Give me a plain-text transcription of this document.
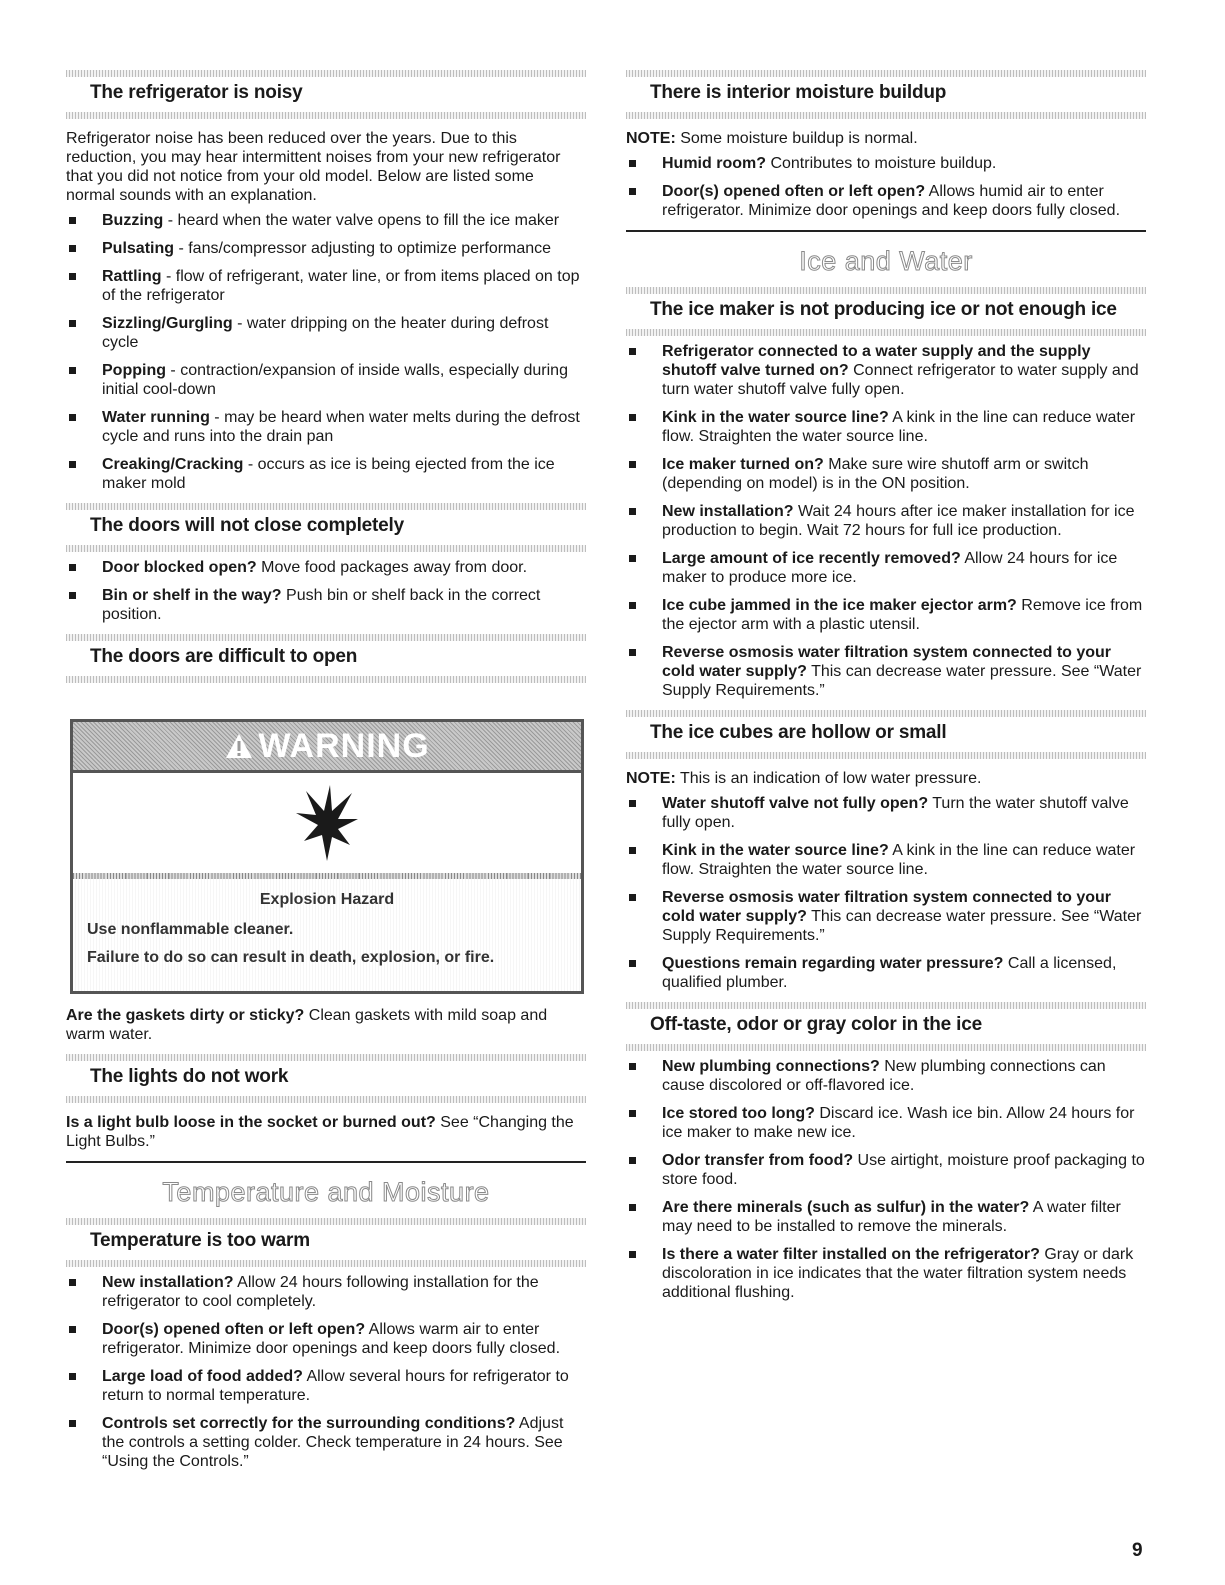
The refrigerator is noisy

Refrigerator noise has been reduced over the years. Due to this reduction, you may hear intermittent noises from your new refrigerator that you did not notice from your old model. Below are listed some normal sounds with an explanation.

Buzzing - heard when the water valve opens to fill the ice maker
Pulsating - fans/compressor adjusting to optimize performance
Rattling - flow of refrigerant, water line, or from items placed on top of the refrigerator
Sizzling/Gurgling - water dripping on the heater during defrost cycle
Popping - contraction/expansion of inside walls, especially during initial cool-down
Water running - may be heard when water melts during the defrost cycle and runs into the drain pan
Creaking/Cracking - occurs as ice is being ejected from the ice maker mold
The doors will not close completely
Door blocked open? Move food packages away from door.
Bin or shelf in the way? Push bin or shelf back in the correct position.
The doors are difficult to open
WARNING
Explosion Hazard

Use nonflammable cleaner.

Failure to do so can result in death, explosion, or fire.

Are the gaskets dirty or sticky? Clean gaskets with mild soap and warm water.

The lights do not work

Is a light bulb loose in the socket or burned out? See “Changing the Light Bulbs.”

Temperature and Moisture
Temperature is too warm
New installation? Allow 24 hours following installation for the refrigerator to cool completely.
Door(s) opened often or left open? Allows warm air to enter refrigerator. Minimize door openings and keep doors fully closed.
Large load of food added? Allow several hours for refrigerator to return to normal temperature.
Controls set correctly for the surrounding conditions? Adjust the controls a setting colder. Check temperature in 24 hours. See “Using the Controls.”
There is interior moisture buildup

NOTE: Some moisture buildup is normal.

Humid room? Contributes to moisture buildup.
Door(s) opened often or left open? Allows humid air to enter refrigerator. Minimize door openings and keep doors fully closed.
Ice and Water
The ice maker is not producing ice or not enough ice
Refrigerator connected to a water supply and the supply shutoff valve turned on? Connect refrigerator to water supply and turn water shutoff valve fully open.
Kink in the water source line? A kink in the line can reduce water flow. Straighten the water source line.
Ice maker turned on? Make sure wire shutoff arm or switch (depending on model) is in the ON position.
New installation? Wait 24 hours after ice maker installation for ice production to begin. Wait 72 hours for full ice production.
Large amount of ice recently removed? Allow 24 hours for ice maker to produce more ice.
Ice cube jammed in the ice maker ejector arm? Remove ice from the ejector arm with a plastic utensil.
Reverse osmosis water filtration system connected to your cold water supply? This can decrease water pressure. See “Water Supply Requirements.”
The ice cubes are hollow or small

NOTE: This is an indication of low water pressure.

Water shutoff valve not fully open? Turn the water shutoff valve fully open.
Kink in the water source line? A kink in the line can reduce water flow. Straighten the water source line.
Reverse osmosis water filtration system connected to your cold water supply? This can decrease water pressure. See “Water Supply Requirements.”
Questions remain regarding water pressure? Call a licensed, qualified plumber.
Off-taste, odor or gray color in the ice
New plumbing connections? New plumbing connections can cause discolored or off-flavored ice.
Ice stored too long? Discard ice. Wash ice bin. Allow 24 hours for ice maker to make new ice.
Odor transfer from food? Use airtight, moisture proof packaging to store food.
Are there minerals (such as sulfur) in the water? A water filter may need to be installed to remove the minerals.
Is there a water filter installed on the refrigerator? Gray or dark discoloration in ice indicates that the water filtration system needs additional flushing.
9
